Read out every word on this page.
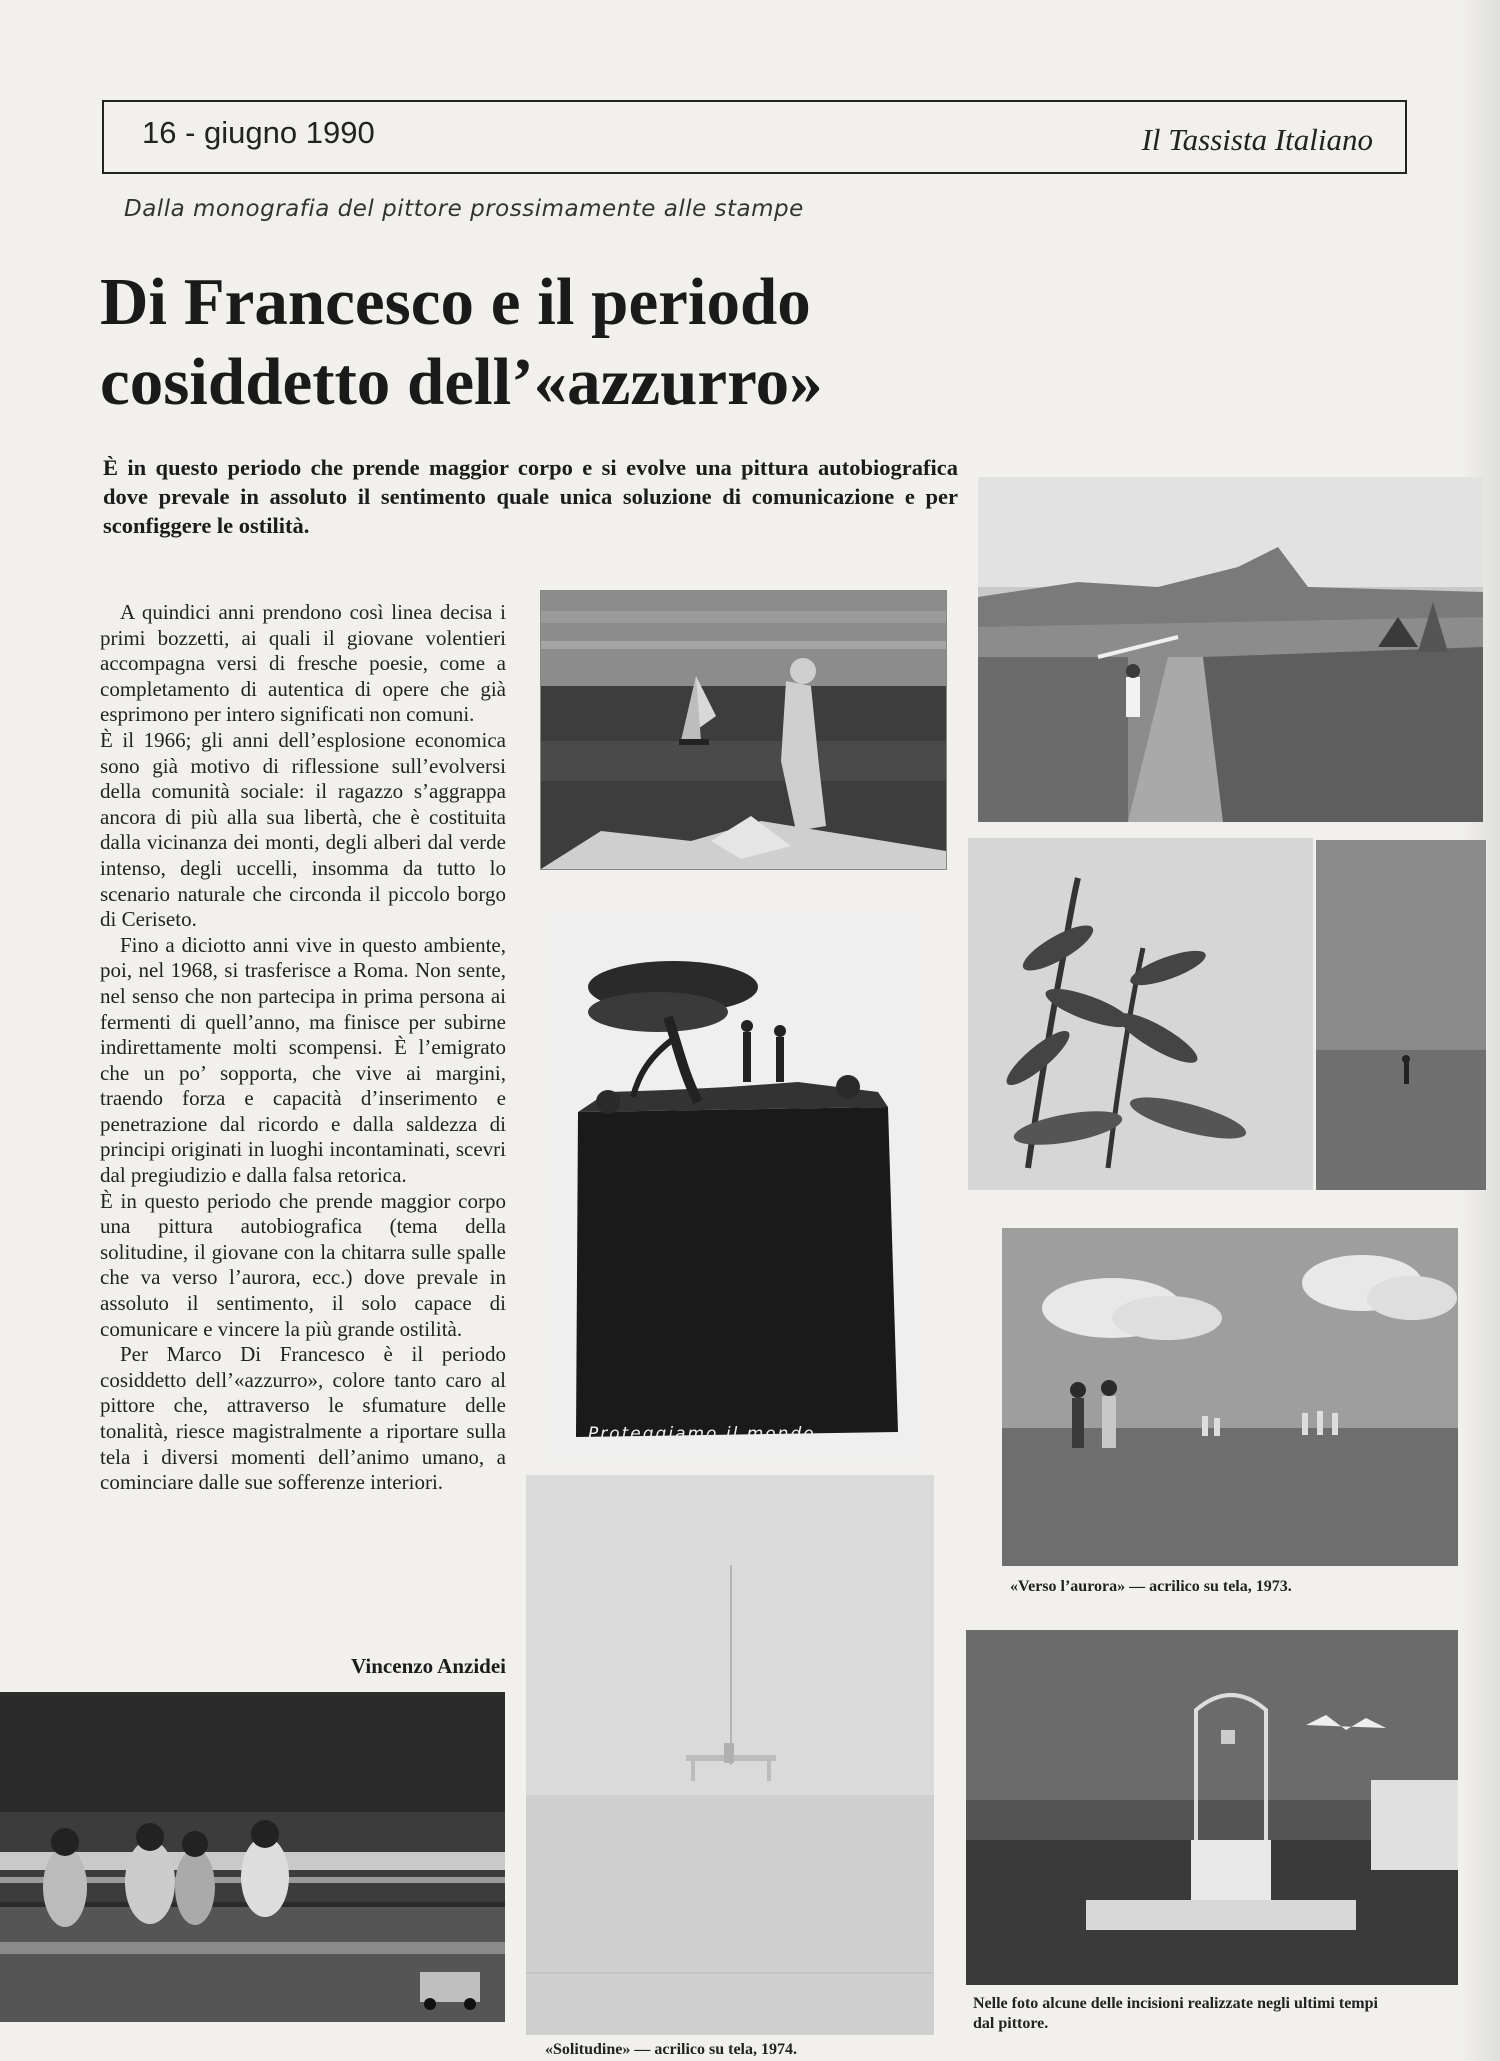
16 - giugno 1990	Il Tassista Italiano
Dalla monografia del pittore prossimamente alle stampe
Di Francesco e il periodo
cosiddetto dell’«azzurro»
È in questo periodo che prende maggior corpo e si evolve una pittura autobiografica dove prevale in assoluto il sentimento quale unica soluzione di comunicazione e per sconfiggere le ostilità.

A quindici anni prendono così linea decisa i primi bozzetti, ai quali il giovane volentieri accompagna versi di fresche poesie, come a completamento di autentica di opere che già esprimono per intero significati non comuni.

È il 1966; gli anni dell’esplosione economica sono già motivo di riflessione sull’evolversi della comunità sociale: il ragazzo s’aggrappa ancora di più alla sua libertà, che è costituita dalla vicinanza dei monti, degli alberi dal verde intenso, degli uccelli, insomma da tutto lo scenario naturale che circonda il piccolo borgo di Ceriseto.

Fino a diciotto anni vive in questo ambiente, poi, nel 1968, si trasferisce a Roma. Non sente, nel senso che non partecipa in prima persona ai fermenti di quell’anno, ma finisce per subirne indirettamente molti scompensi. È l’emigrato che un po’ sopporta, che vive ai margini, traendo forza e capacità d’inserimento e penetrazione dal ricordo e dalla saldezza di principi originati in luoghi incontaminati, scevri dal pregiudizio e dalla falsa retorica.

È in questo periodo che prende maggior corpo una pittura autobiografica (tema della solitudine, il giovane con la chitarra sulle spalle che va verso l’aurora, ecc.) dove prevale in assoluto il sentimento, il solo capace di comunicare e vincere la più grande ostilità.

Per Marco Di Francesco è il periodo cosiddetto dell’«azzurro», colore tanto caro al pittore che, attraverso le sfumature delle tonalità, riesce magistralmente a riportare sulla tela i diversi momenti dell’animo umano, a cominciare dalle sue sofferenze interiori.

Vincenzo Anzidei
Proteggiamo il mondo
«Verso l’aurora» — acrilico su tela, 1973.
«Solitudine» — acrilico su tela, 1974.
Nelle foto alcune delle incisioni realizzate negli ultimi tempi dal pittore.
